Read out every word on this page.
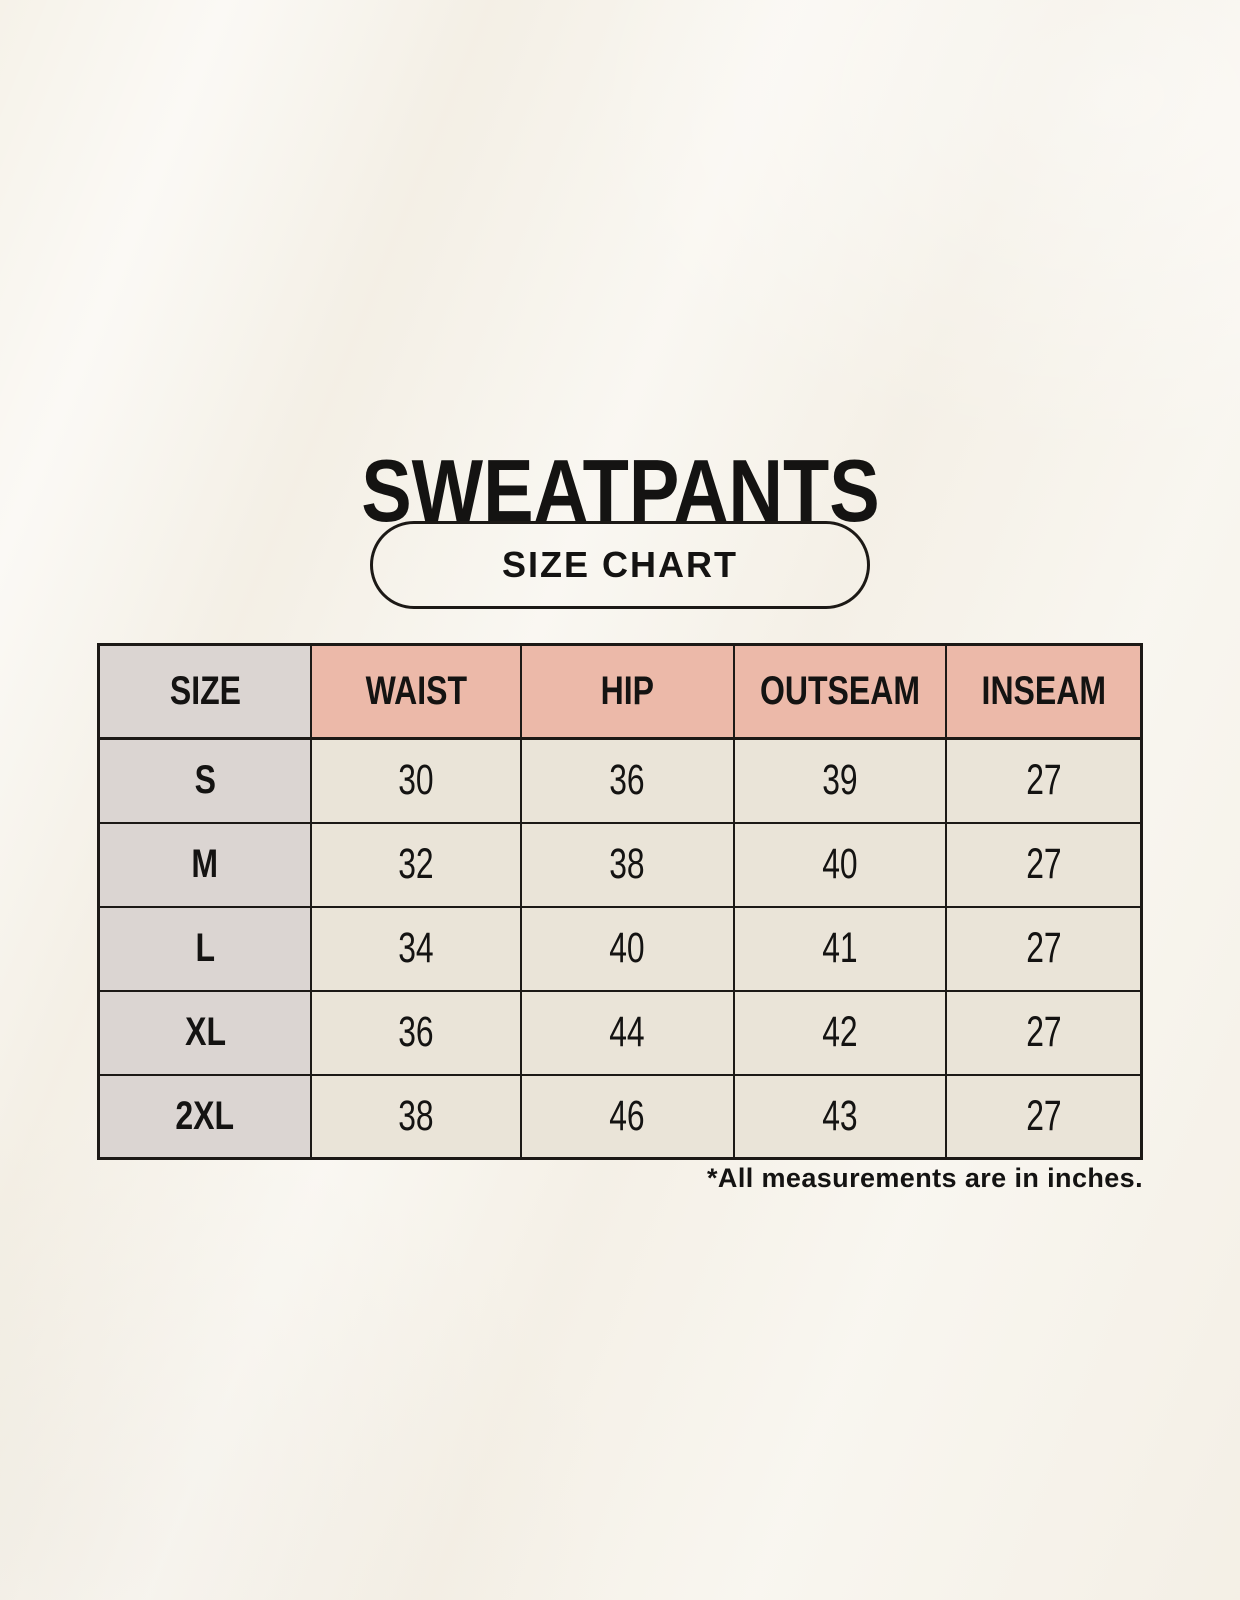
SWEATPANTS
SIZE CHART
SIZE	WAIST	HIP	OUTSEAM	INSEAM
S	30	36	39	27
M	32	38	40	27
L	34	40	41	27
XL	36	44	42	27
2XL	38	46	43	27
*All measurements are in inches.
